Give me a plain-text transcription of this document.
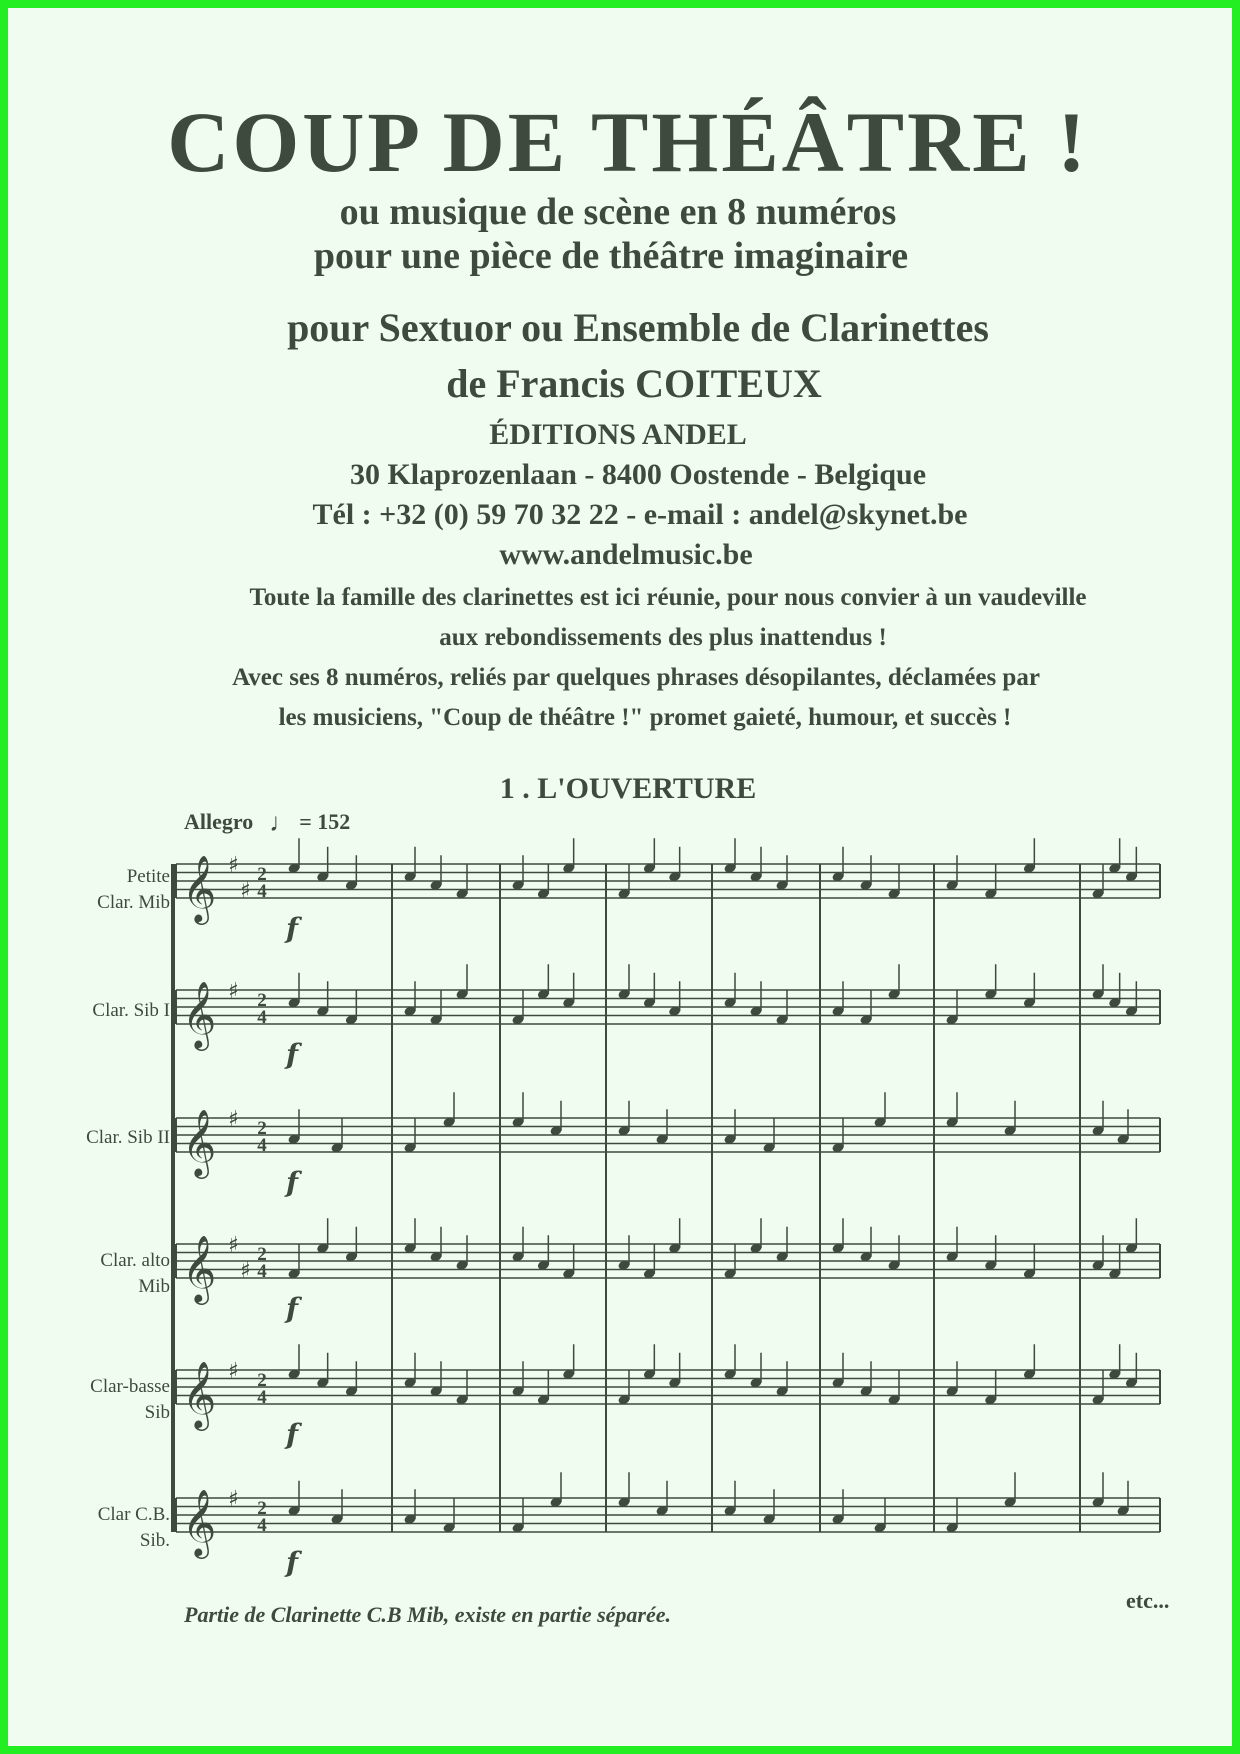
COUP DE THÉÂTRE !
ou musique de scène en 8 numéros
pour une pièce de théâtre imaginaire
pour Sextuor ou Ensemble de Clarinettes
de Francis COITEUX
ÉDITIONS ANDEL
30 Klaprozenlaan - 8400 Oostende - Belgique
Tél : +32 (0) 59 70 32 22 - e-mail : andel@skynet.be
www.andelmusic.be
Toute la famille des clarinettes est ici réunie, pour nous convier à un vaudeville
aux rebondissements des plus inattendus !
Avec ses 8 numéros, reliés par quelques phrases désopilantes, déclamées par
les musiciens, "Coup de théâtre !" promet gaieté, humour, et succès !
1 . L'OUVERTURE
Allegro ♩ = 152
Petite
Clar. Mib
Clar. Sib I
Clar. Sib II
Clar. alto
Mib
Clar-basse
Sib
Clar C.B.
Sib.
𝄞 ♯
♯
2
4
f
𝄞 ♯ 2
4
f
𝄞 ♯ 2
4
f
𝄞 ♯
♯
2
4
f
𝄞 ♯ 2
4
f
𝄞 ♯ 2
4
f
Partie de Clarinette C.B Mib, existe en partie séparée.
etc...
